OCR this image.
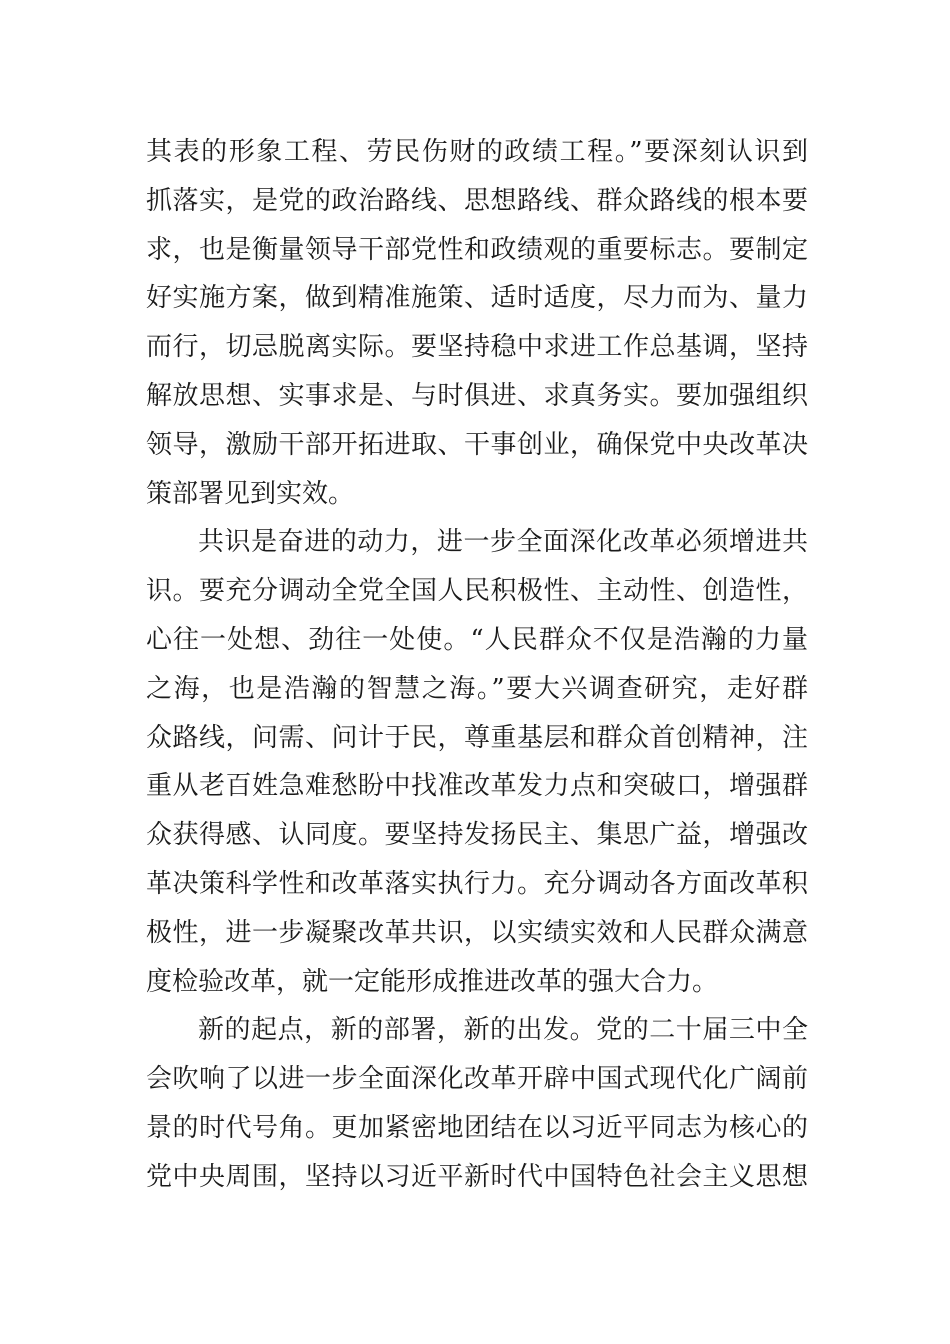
其表的形象工程、劳民伤财的政绩工程。”要深刻认识到
抓落实，是党的政治路线、思想路线、群众路线的根本要
求，也是衡量领导干部党性和政绩观的重要标志。要制定
好实施方案，做到精准施策、适时适度，尽力而为、量力
而行，切忌脱离实际。要坚持稳中求进工作总基调，坚持
解放思想、实事求是、与时俱进、求真务实。要加强组织
领导，激励干部开拓进取、干事创业，确保党中央改革决
策部署见到实效。
共识是奋进的动力，进一步全面深化改革必须增进共
识。要充分调动全党全国人民积极性、主动性、创造性，
心往一处想、劲往一处使。“人民群众不仅是浩瀚的力量
之海，也是浩瀚的智慧之海。”要大兴调查研究，走好群
众路线，问需、问计于民，尊重基层和群众首创精神，注
重从老百姓急难愁盼中找准改革发力点和突破口，增强群
众获得感、认同度。要坚持发扬民主、集思广益，增强改
革决策科学性和改革落实执行力。充分调动各方面改革积
极性，进一步凝聚改革共识，以实绩实效和人民群众满意
度检验改革，就一定能形成推进改革的强大合力。
新的起点，新的部署，新的出发。党的二十届三中全
会吹响了以进一步全面深化改革开辟中国式现代化广阔前
景的时代号角。更加紧密地团结在以习近平同志为核心的
党中央周围，坚持以习近平新时代中国特色社会主义思想
